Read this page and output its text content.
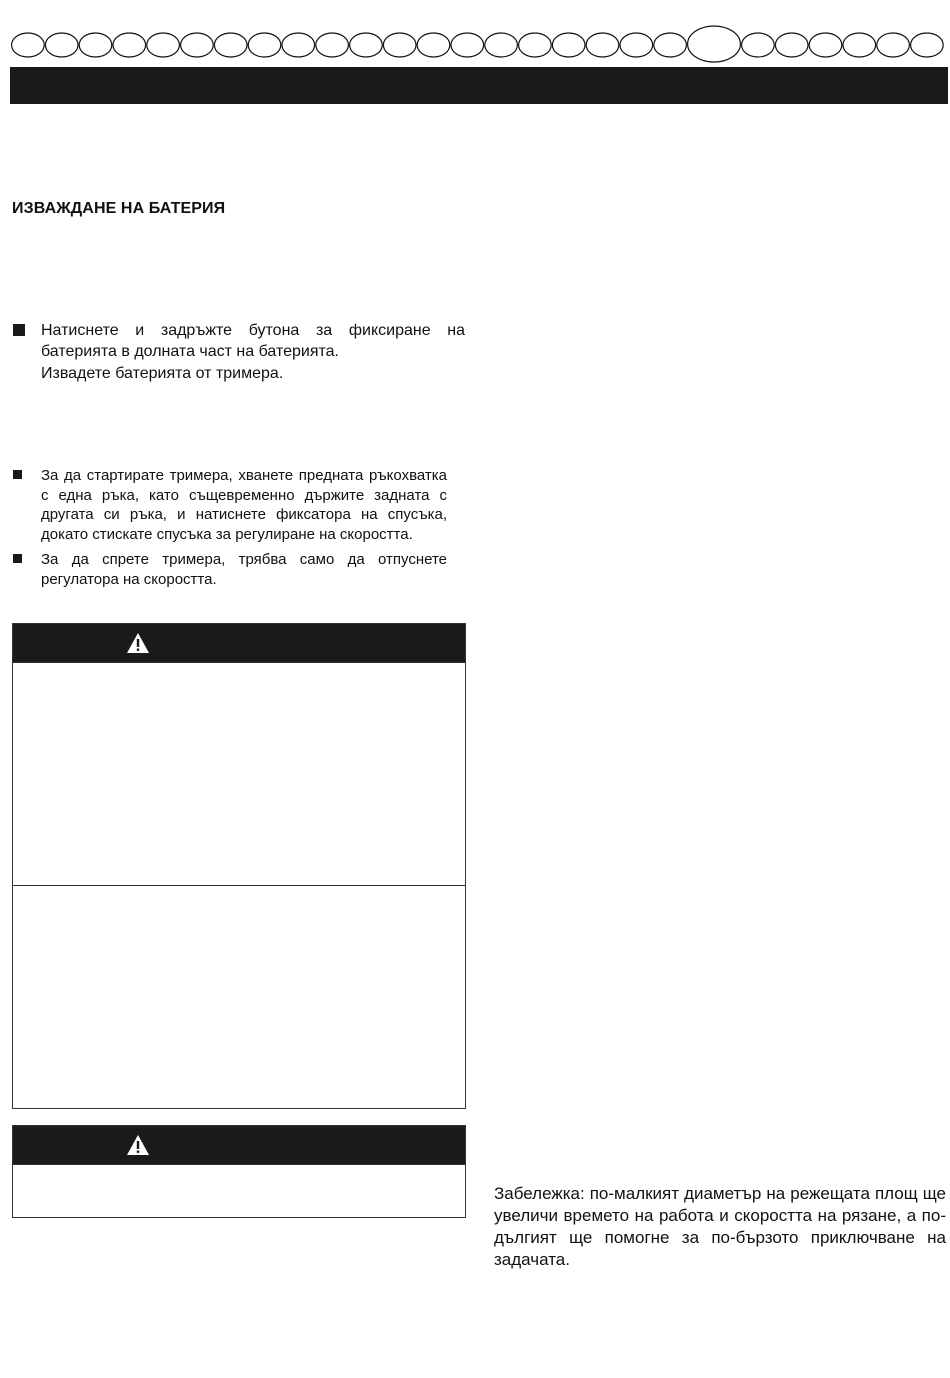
ИЗВАЖДАНЕ НА БАТЕРИЯ
Натиснете и задръжте бутона за фиксиране на батерията в долната част на батерията.
Извадете батерията от тримера.
За да стартирате тримера, хванете предната ръкохватка с една ръка, като същевременно държите задната с другата си ръка, и натиснете фиксатора на спусъка, докато стискате спусъка за регулиране на скоростта.
За да спрете тримера, трябва само да отпуснете регулатора на скоростта.
Забележка: по-малкият диаметър на режещата площ ще увеличи времето на работа и скоростта на рязане, а по-дългият ще помогне за по-бързото приключване на задачата.
